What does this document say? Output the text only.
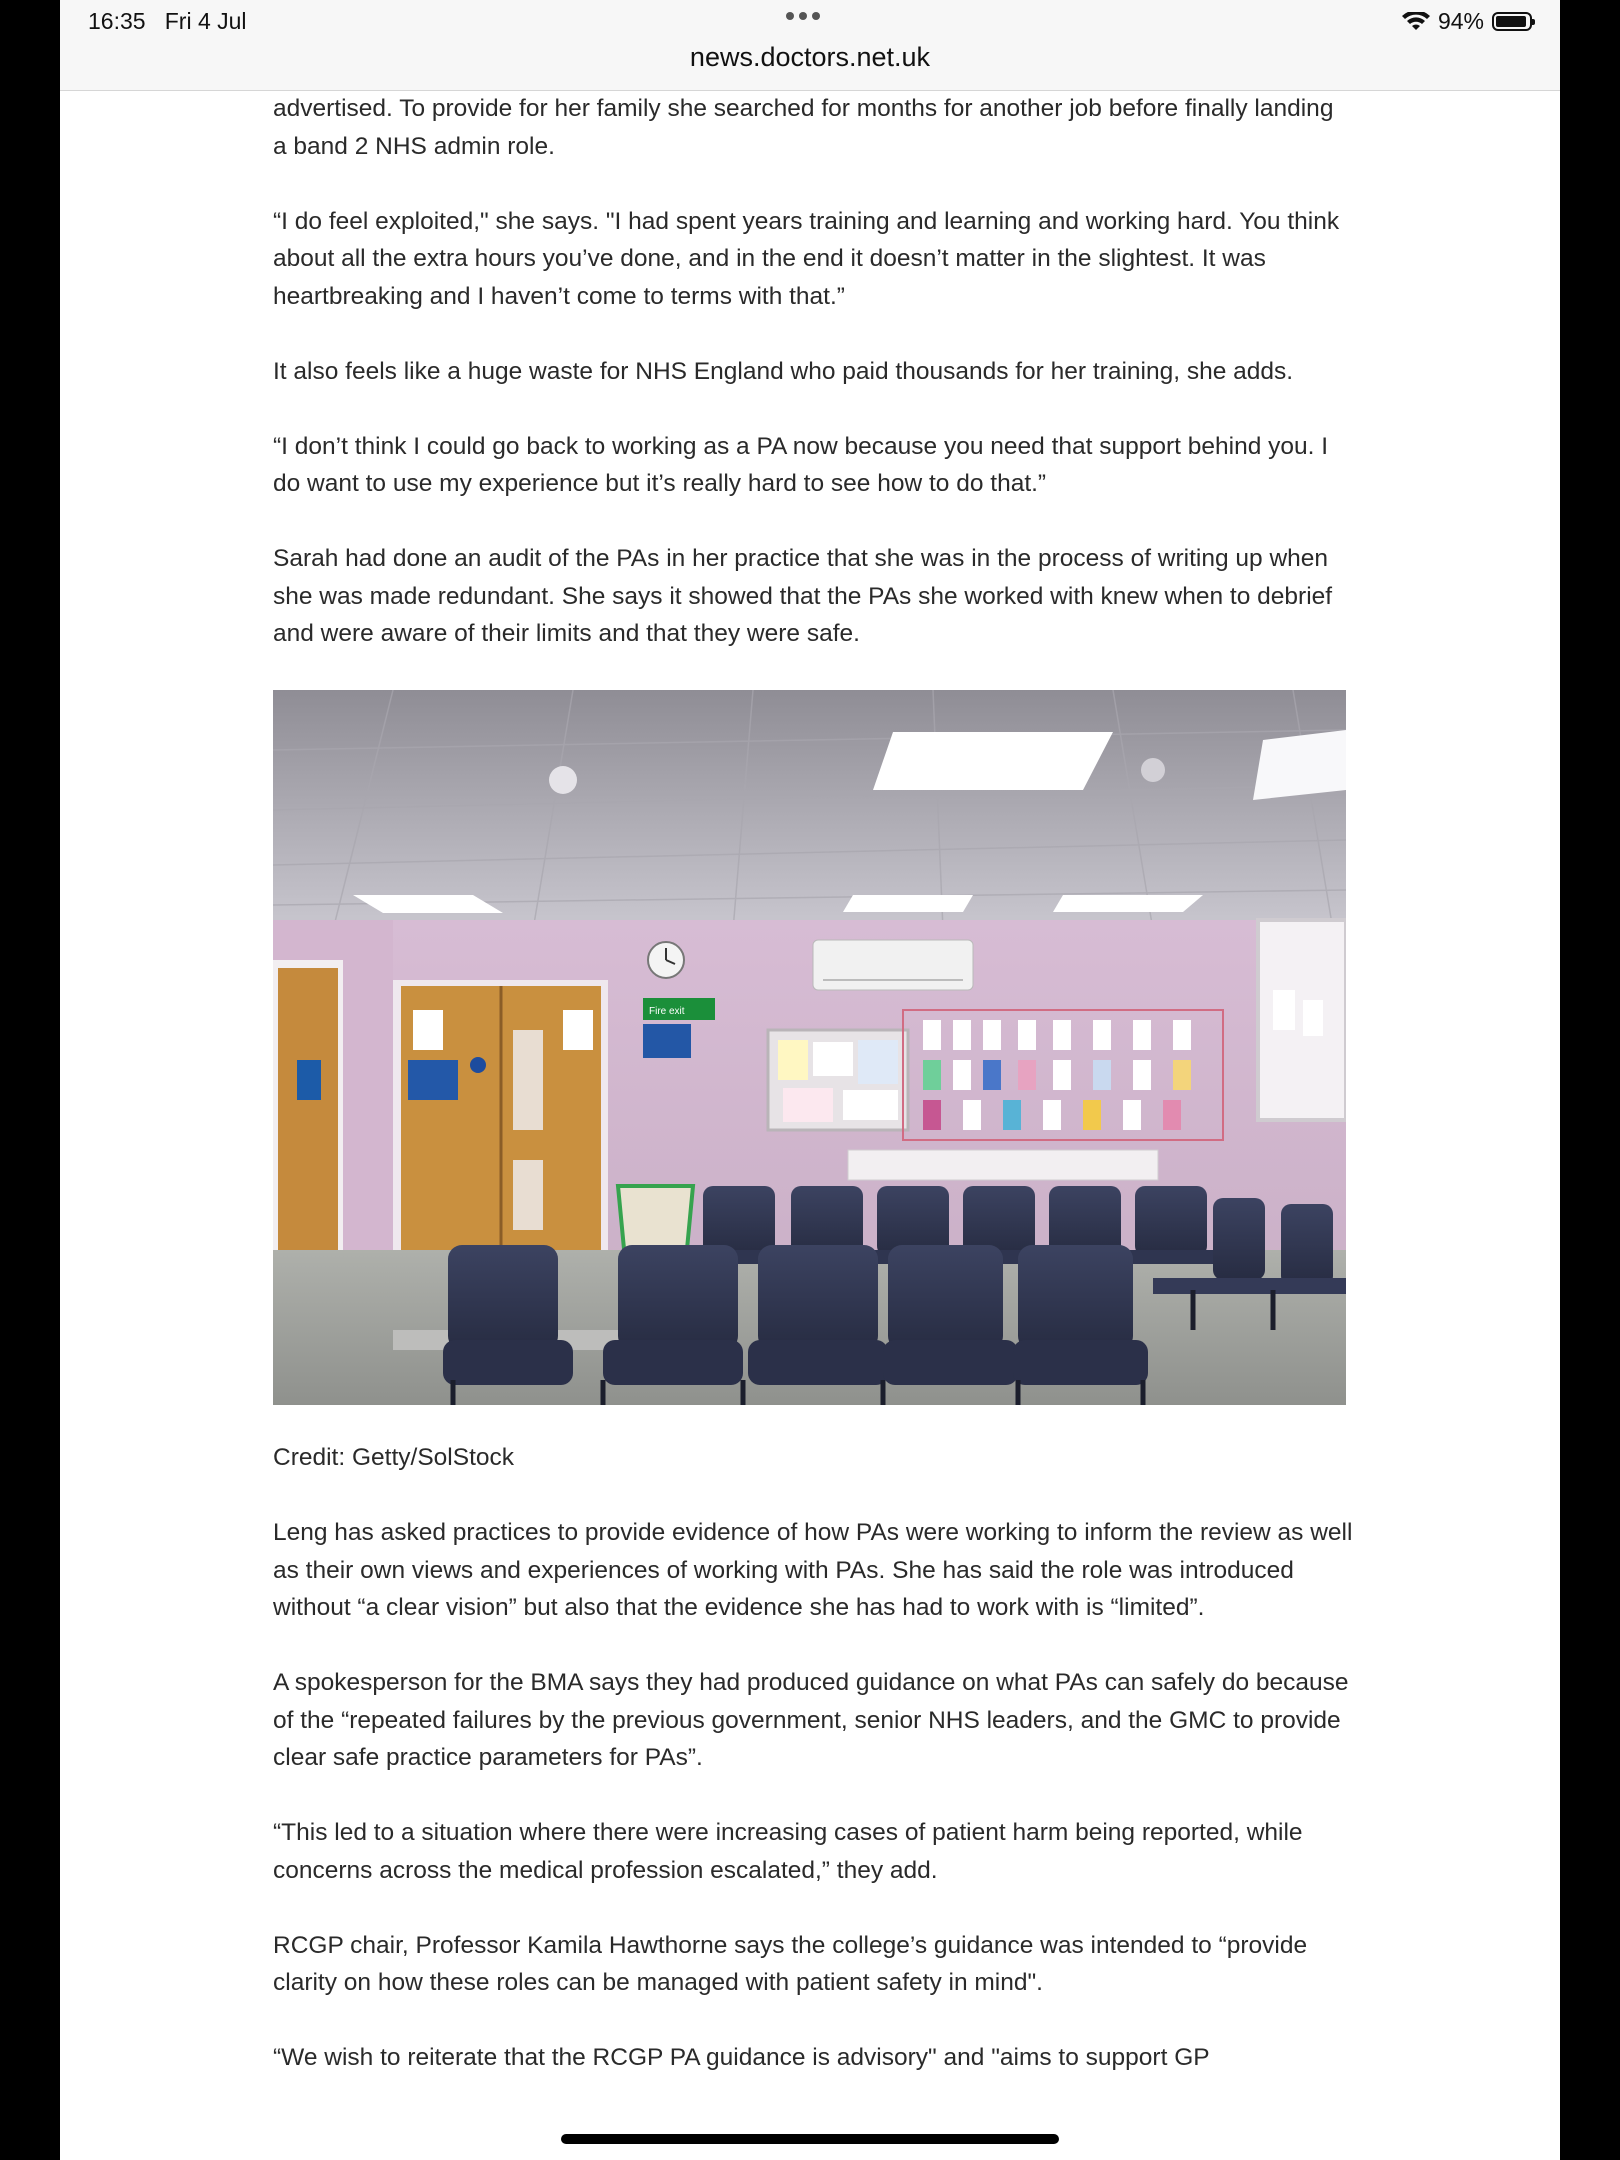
news.doctors.net.uk

advertised. To provide for her family she searched for months for another job before finally landing a band 2 NHS admin role.

“I do feel exploited," she says. "I had spent years training and learning and working hard. You think about all the extra hours you’ve done, and in the end it doesn’t matter in the slightest. It was heartbreaking and I haven’t come to terms with that.”

It also feels like a huge waste for NHS England who paid thousands for her training, she adds.

“I don’t think I could go back to working as a PA now because you need that support behind you. I do want to use my experience but it’s really hard to see how to do that.”

Sarah had done an audit of the PAs in her practice that she was in the process of writing up when she was made redundant. She says it showed that the PAs she worked with knew when to debrief and were aware of their limits and that they were safe.

Fire exit

Credit: Getty/SolStock

Leng has asked practices to provide evidence of how PAs were working to inform the review as well as their own views and experiences of working with PAs. She has said the role was introduced without “a clear vision” but also that the evidence she has had to work with is “limited”.

A spokesperson for the BMA says they had produced guidance on what PAs can safely do because of the “repeated failures by the previous government, senior NHS leaders, and the GMC to provide clear safe practice parameters for PAs”.

“This led to a situation where there were increasing cases of patient harm being reported, while concerns across the medical profession escalated,” they add.

RCGP chair, Professor Kamila Hawthorne says the college’s guidance was intended to “provide clarity on how these roles can be managed with patient safety in mind".

“We wish to reiterate that the RCGP PA guidance is advisory" and "aims to support GP

16:35 Fri 4 Jul	94%
